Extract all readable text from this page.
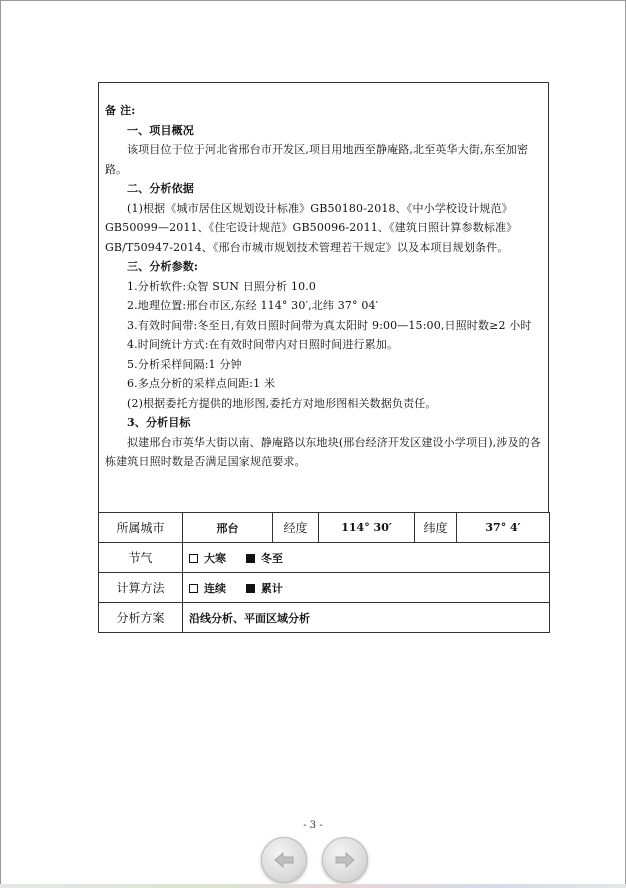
备 注:

一、项目概况

该项目位于位于河北省邢台市开发区,项目用地西至静庵路,北至英华大街,东至加密路。

二、分析依据

(1)根据《城市居住区规划设计标准》GB50180-2018、《中小学校设计规范》GB50099—2011、《住宅设计规范》GB50096-2011、《建筑日照计算参数标准》GB/T50947-2014、《邢台市城市规划技术管理若干规定》以及本项目规划条件。

三、分析参数:

1.分析软件:众智 SUN 日照分析 10.0

2.地理位置:邢台市区,东经 114° 30′,北纬 37° 04′

3.有效时间带:冬至日,有效日照时间带为真太阳时 9:00—15:00,日照时数≥2 小时

4.时间统计方式:在有效时间带内对日照时间进行累加。

5.分析采样间隔:1 分钟

6.多点分析的采样点间距:1 米

(2)根据委托方提供的地形图,委托方对地形图相关数据负责任。

3、分析目标

拟建邢台市英华大街以南、静庵路以东地块(邢台经济开发区建设小学项目),涉及的各栋建筑日照时数是否满足国家规范要求。

所属城市	邢台	经度	114° 30′	纬度	37° 4′
节气	大寒 冬至				
计算方法	连续 累计				
分析方案	沿线分析、平面区域分析				
- 3 -
